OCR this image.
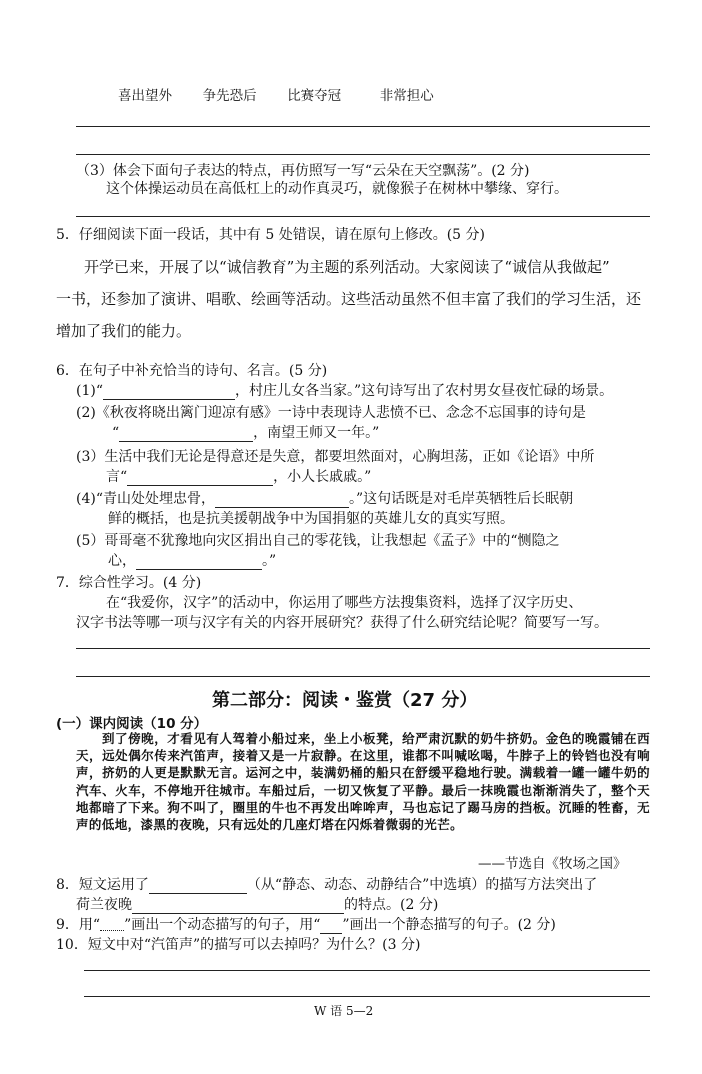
喜出望外 争先恐后 比赛夺冠	非常担心
（3）体会下面句子表达的特点，再仿照写一写“云朵在天空飘荡”。(2 分)
这个体操运动员在高低杠上的动作真灵巧，就像猴子在树林中攀缘、穿行。
5．仔细阅读下面一段话，其中有 5 处错误，请在原句上修改。(5 分)
开学已来，开展了以“诚信教育”为主题的系列活动。大家阅读了“诚信从我做起”
一书，还参加了演讲、唱歌、绘画等活动。这些活动虽然不但丰富了我们的学习生活，还
增加了我们的能力。
6．在句子中补充恰当的诗句、名言。(5 分)
(1)“	，村庄儿女各当家。”这句诗写出了农村男女昼夜忙碌的场景。
(2)《秋夜将晓出篱门迎凉有感》一诗中表现诗人悲愤不已、念念不忘国事的诗句是
“	，南望王师又一年。”
(3）生活中我们无论是得意还是失意，都要坦然面对，心胸坦荡，正如《论语》中所
言“	，小人长戚戚。”
(4)“青山处处埋忠骨，	。”这句话既是对毛岸英牺牲后长眠朝
鲜的概括，也是抗美援朝战争中为国捐躯的英雄儿女的真实写照。
(5）哥哥毫不犹豫地向灾区捐出自己的零花钱，让我想起《孟子》中的“恻隐之
心，	。”
7．综合性学习。(4 分)
在“我爱你，汉字”的活动中，你运用了哪些方法搜集资料，选择了汉字历史、
汉字书法等哪一项与汉字有关的内容开展研究？获得了什么研究结论呢？简要写一写。
第二部分：阅读・鉴赏（27 分）
(一）课内阅读（10 分）
到了傍晚，才看见有人驾着小船过来，坐上小板凳，给严肃沉默的奶牛挤奶。金色的晚霞铺在西天，远处偶尔传来汽笛声，接着又是一片寂静。在这里，谁都不叫喊吆喝，牛脖子上的铃铛也没有响声，挤奶的人更是默默无言。运河之中，装满奶桶的船只在舒缓平稳地行驶。满载着一罐一罐牛奶的汽车、火车，不停地开往城市。车船过后，一切又恢复了平静。最后一抹晚霞也渐渐消失了，整个天地都暗了下来。狗不叫了，圈里的牛也不再发出哞哞声，马也忘记了踢马房的挡板。沉睡的牲畜，无声的低地，漆黑的夜晚，只有远处的几座灯塔在闪烁着微弱的光芒。
——节选自《牧场之国》
8．短文运用了	（从“静态、动态、动静结合”中选填）的描写方法突出了
荷兰夜晚	的特点。(2 分)
9．用“ ”画出一个动态描写的句子，用“ ”画出一个静态描写的句子。(2 分)
10．短文中对“汽笛声”的描写可以去掉吗？为什么？(3 分)
W 语 5—2
